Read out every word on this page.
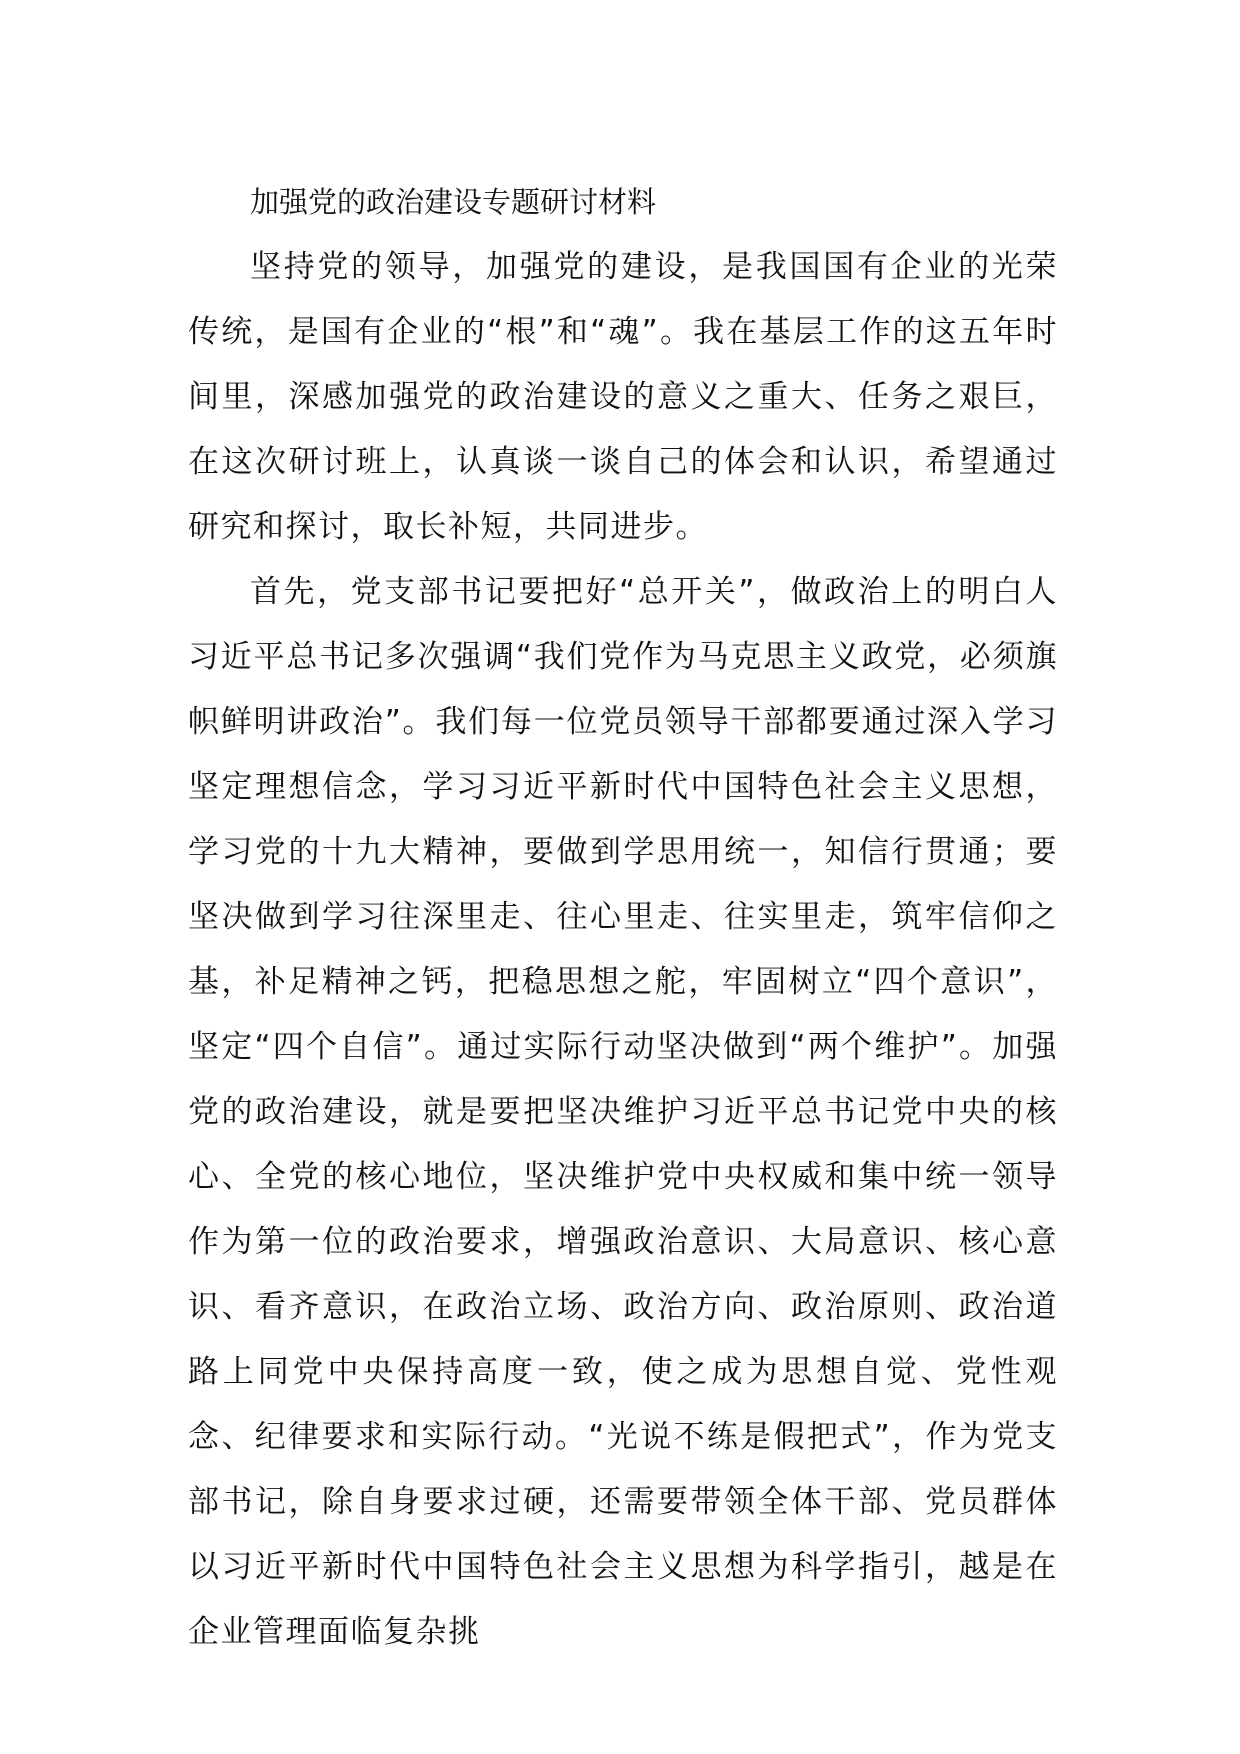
加强党的政治建设专题研讨材料

坚持党的领导，加强党的建设，是我国国有企业的光荣传统，是国有企业的“根”和“魂”。我在基层工作的这五年时间里，深感加强党的政治建设的意义之重大、任务之艰巨，在这次研讨班上，认真谈一谈自己的体会和认识，希望通过研究和探讨，取长补短，共同进步。

首先，党支部书记要把好“总开关”，做政治上的明白人习近平总书记多次强调“我们党作为马克思主义政党，必须旗帜鲜明讲政治”。我们每一位党员领导干部都要通过深入学习坚定理想信念，学习习近平新时代中国特色社会主义思想，学习党的十九大精神，要做到学思用统一，知信行贯通；要坚决做到学习往深里走、往心里走、往实里走，筑牢信仰之基，补足精神之钙，把稳思想之舵，牢固树立“四个意识”，坚定“四个自信”。通过实际行动坚决做到“两个维护”。加强党的政治建设，就是要把坚决维护习近平总书记党中央的核心、全党的核心地位，坚决维护党中央权威和集中统一领导作为第一位的政治要求，增强政治意识、大局意识、核心意识、看齐意识，在政治立场、政治方向、政治原则、政治道路上同党中央保持高度一致，使之成为思想自觉、党性观念、纪律要求和实际行动。“光说不练是假把式”，作为党支部书记，除自身要求过硬，还需要带领全体干部、党员群体以习近平新时代中国特色社会主义思想为科学指引，越是在企业管理面临复杂挑
